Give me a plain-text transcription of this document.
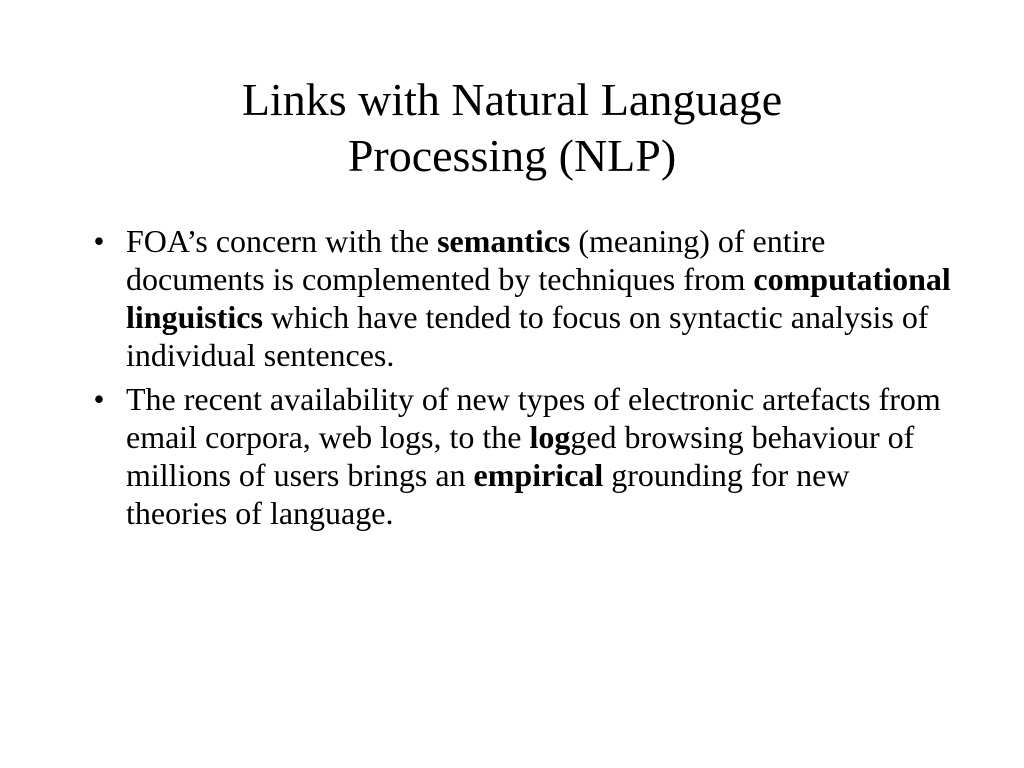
Links with Natural Language
Processing (NLP)
• FOA’s concern with the semantics (meaning) of entire documents is complemented by techniques from computational linguistics which have tended to focus on syntactic analysis of individual sentences.
• The recent availability of new types of electronic artefacts from email corpora, web logs, to the logged browsing behaviour of millions of users brings an empirical grounding for new theories of language.
